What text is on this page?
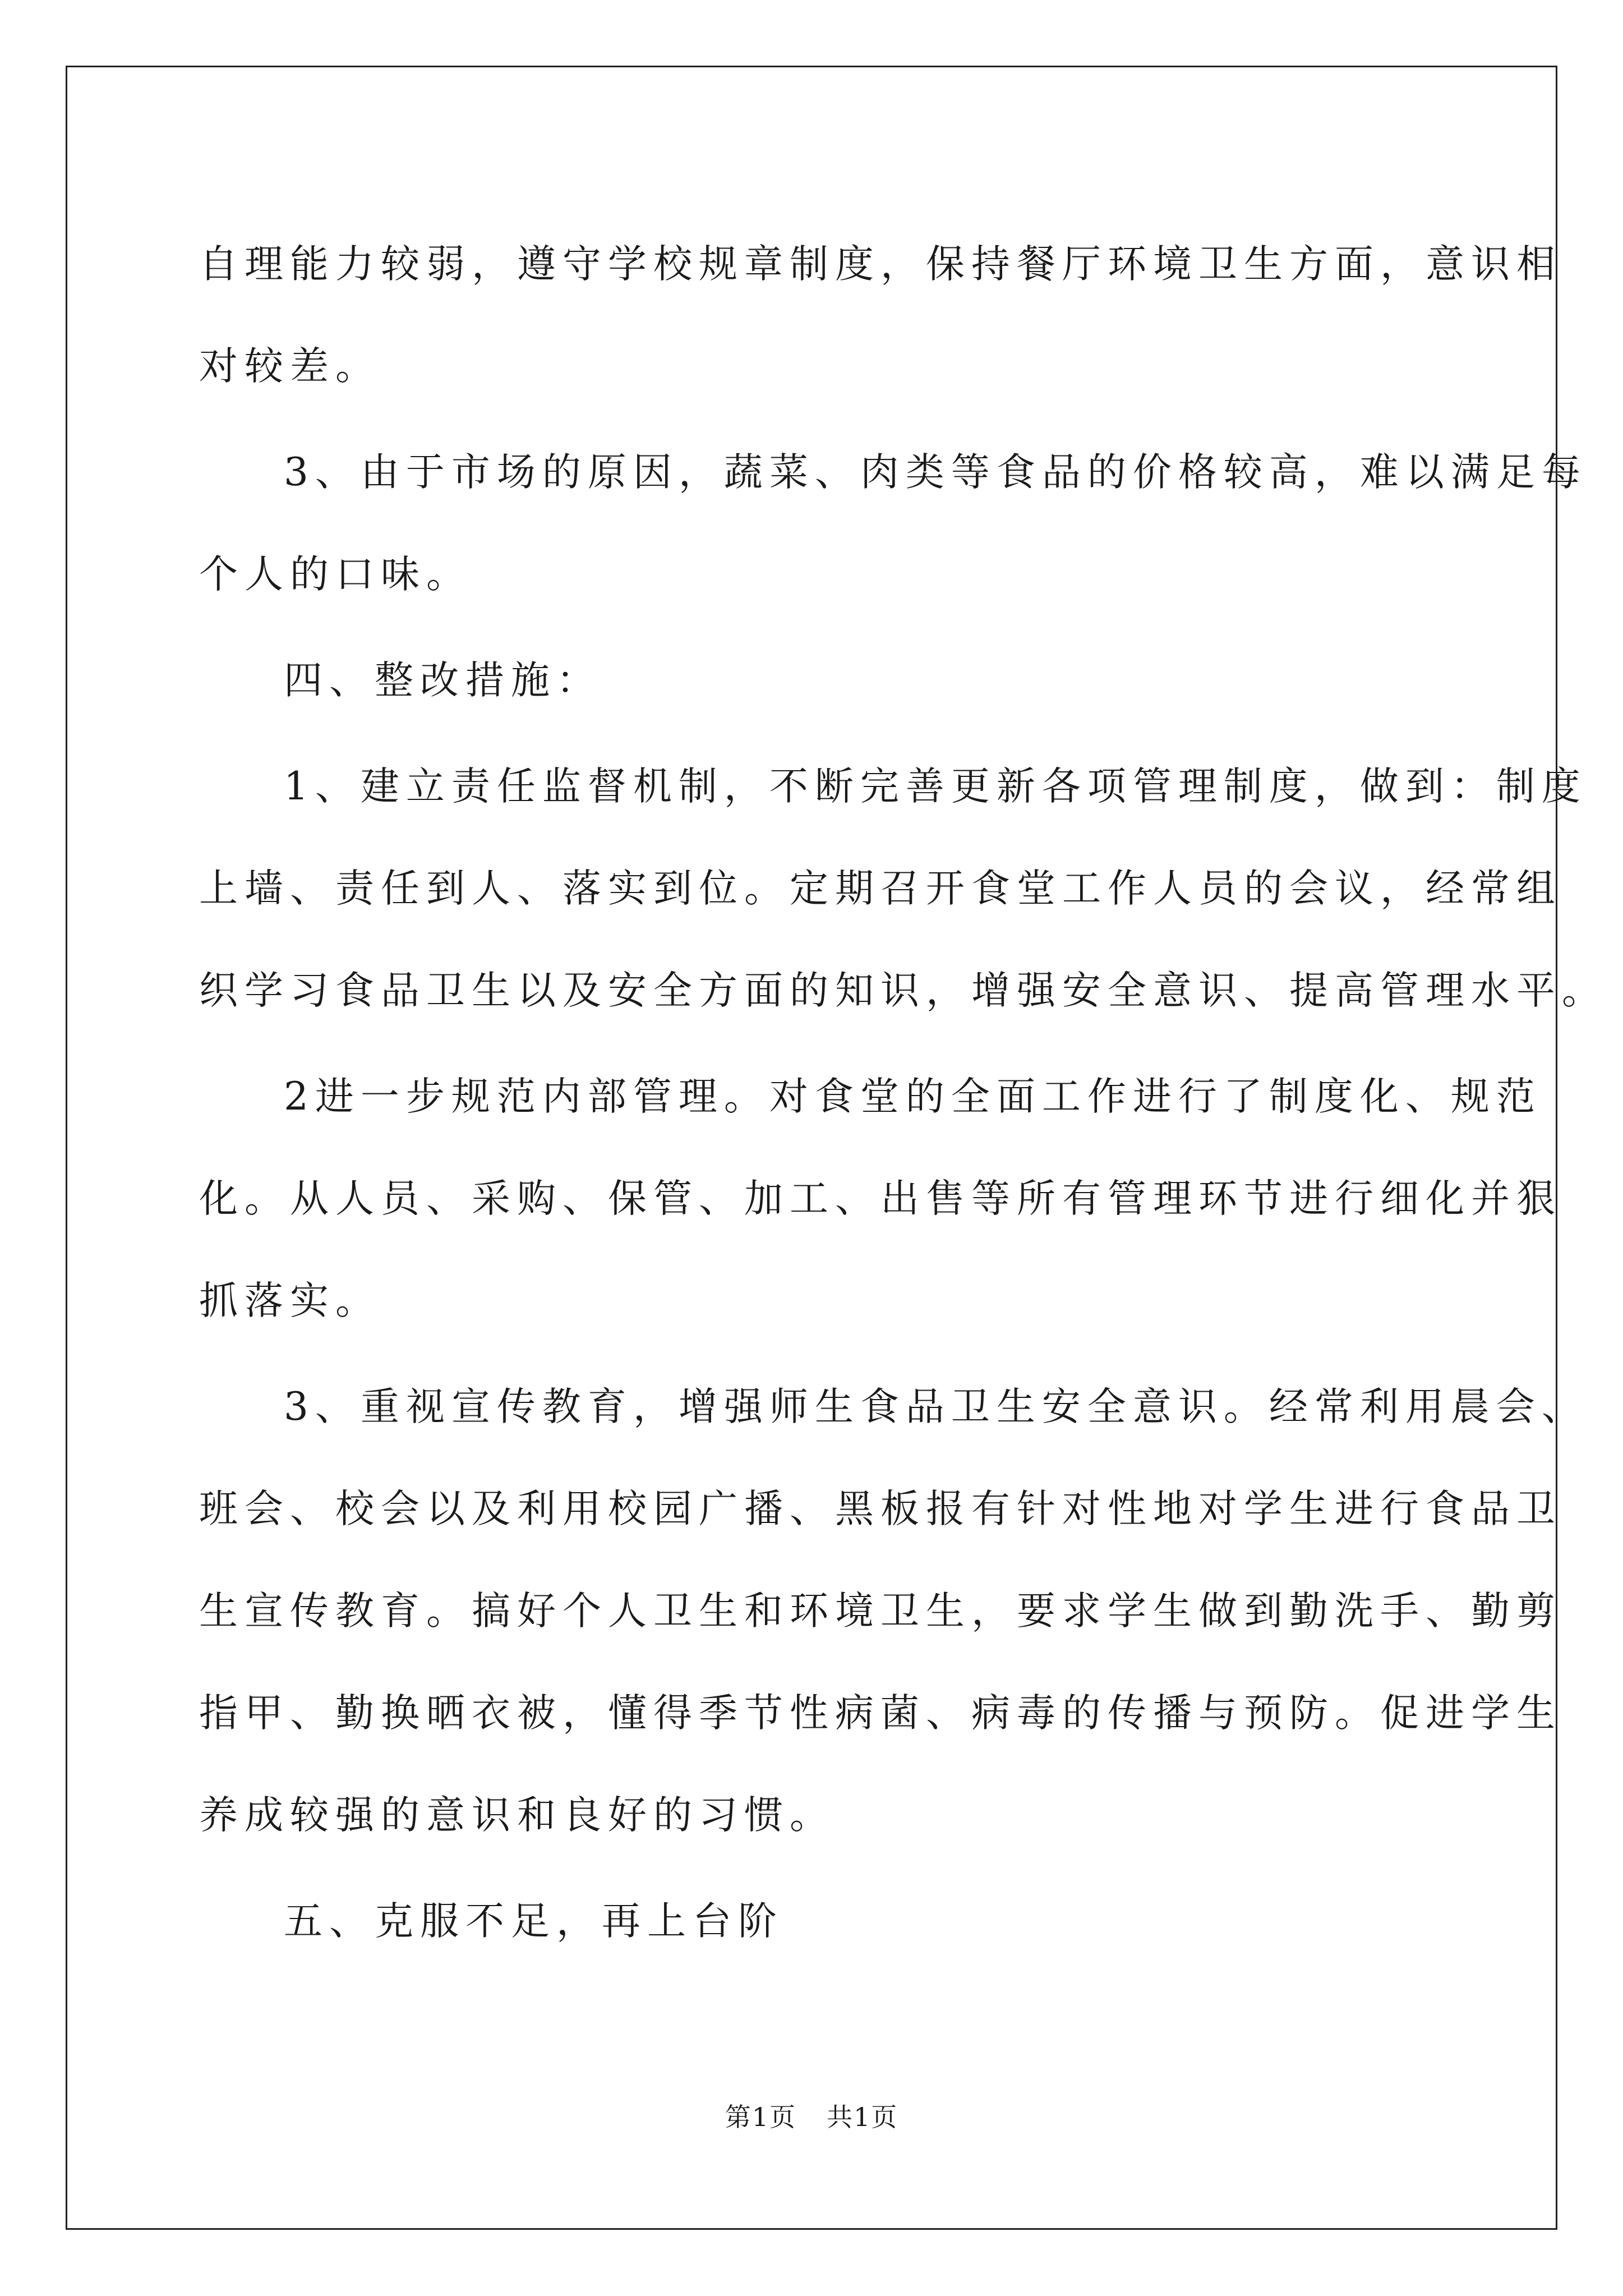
自理能力较弱，遵守学校规章制度，保持餐厅环境卫生方面，意识相
对较差。
3、由于市场的原因，蔬菜、肉类等食品的价格较高，难以满足每
个人的口味。
四、整改措施：
1、建立责任监督机制，不断完善更新各项管理制度，做到：制度
上墙、责任到人、落实到位。定期召开食堂工作人员的会议，经常组
织学习食品卫生以及安全方面的知识，增强安全意识、提高管理水平。
2进一步规范内部管理。对食堂的全面工作进行了制度化、规范
化。从人员、采购、保管、加工、出售等所有管理环节进行细化并狠
抓落实。
3、重视宣传教育，增强师生食品卫生安全意识。经常利用晨会、
班会、校会以及利用校园广播、黑板报有针对性地对学生进行食品卫
生宣传教育。搞好个人卫生和环境卫生，要求学生做到勤洗手、勤剪
指甲、勤换晒衣被，懂得季节性病菌、病毒的传播与预防。促进学生
养成较强的意识和良好的习惯。
五、克服不足，再上台阶
第1页 共1页
